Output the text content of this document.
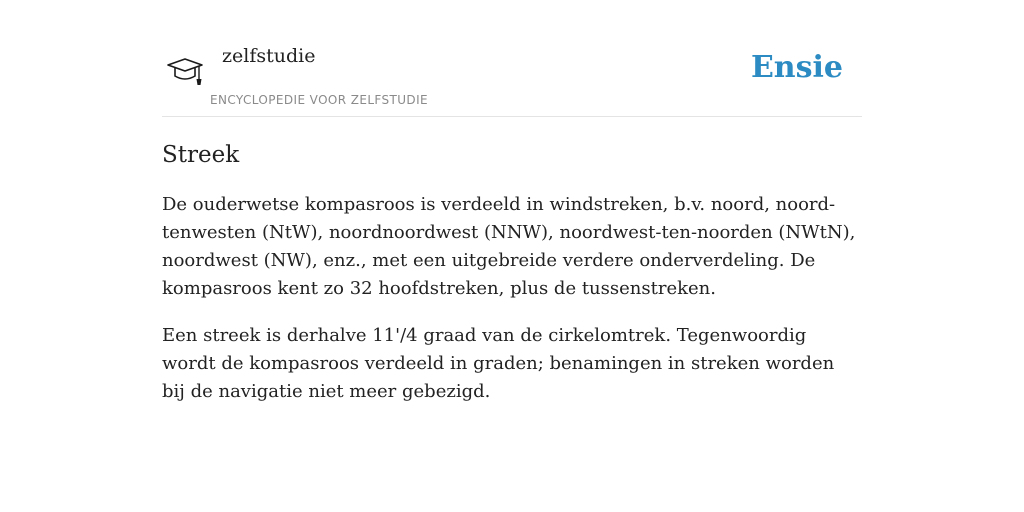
zelfstudie
ENCYCLOPEDIE VOOR ZELFSTUDIE
Ensie
Streek

De ouderwetse kompasroos is verdeeld in windstreken, b.v. noord, noord-tenwesten (NtW), noordnoordwest (NNW), noordwest-ten-noorden (NWtN), noordwest (NW), enz., met een uitgebreide verdere onderverdeling. De kompasroos kent zo 32 hoofdstreken, plus de tussenstreken.

Een streek is derhalve 11'/4 graad van de cirkelomtrek. Tegenwoordig wordt de kompasroos verdeeld in graden; benamingen in streken worden bij de navigatie niet meer gebezigd.
